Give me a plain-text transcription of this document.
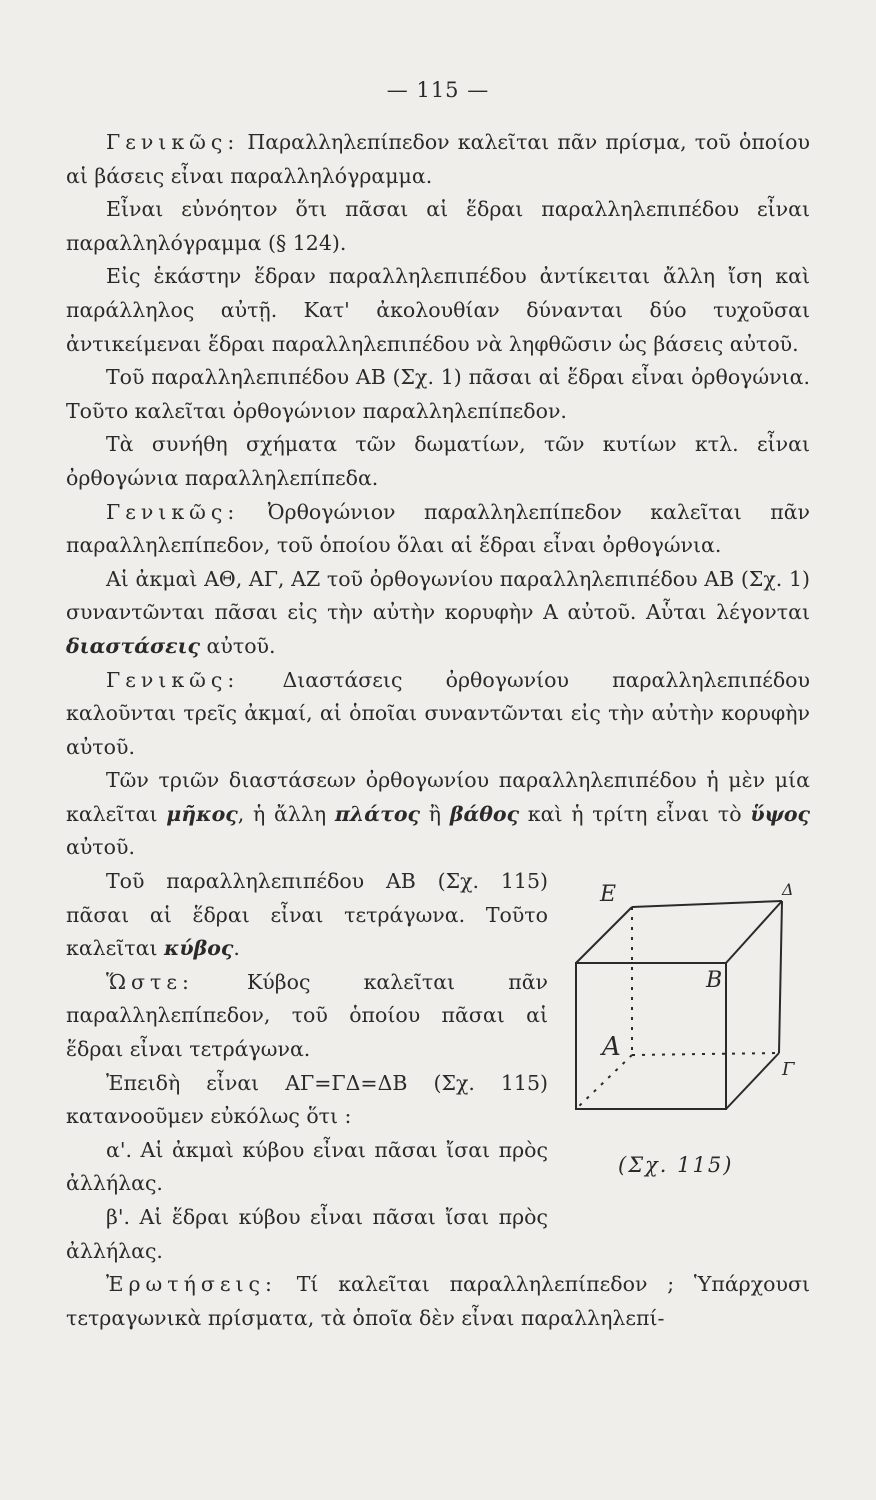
— 115 —

Γενικῶς: Παραλληλεπίπεδον καλεῖται πᾶν πρίσμα, τοῦ ὁποίου αἱ βάσεις εἶναι παραλληλόγραμμα.

Εἶναι εὐνόητον ὅτι πᾶσαι αἱ ἕδραι παραλληλεπιπέδου εἶναι παραλληλόγραμμα (§ 124).

Εἰς ἑκάστην ἕδραν παραλληλεπιπέδου ἀντίκειται ἄλλη ἴση καὶ παράλληλος αὐτῇ. Κατ' ἀκολουθίαν δύνανται δύο τυχοῦσαι ἀντικείμεναι ἕδραι παραλληλεπιπέδου νὰ ληφθῶσιν ὡς βάσεις αὐτοῦ.

Τοῦ παραλληλεπιπέδου ΑΒ (Σχ. 1) πᾶσαι αἱ ἕδραι εἶναι ὀρθογώνια. Τοῦτο καλεῖται ὀρθογώνιον παραλληλεπίπεδον.

Τὰ συνήθη σχήματα τῶν δωματίων, τῶν κυτίων κτλ. εἶναι ὀρθογώνια παραλληλεπίπεδα.

Γενικῶς: Ὀρθογώνιον παραλληλεπίπεδον καλεῖται πᾶν παραλληλεπίπεδον, τοῦ ὁποίου ὅλαι αἱ ἕδραι εἶναι ὀρθογώνια.

Αἱ ἀκμαὶ ΑΘ, ΑΓ, ΑΖ τοῦ ὀρθογωνίου παραλληλεπιπέδου ΑΒ (Σχ. 1) συναντῶνται πᾶσαι εἰς τὴν αὐτὴν κορυφὴν Α αὐτοῦ. Αὗται λέγονται διαστάσεις αὐτοῦ.

Γενικῶς: Διαστάσεις ὀρθογωνίου παραλληλεπιπέδου καλοῦνται τρεῖς ἀκμαί, αἱ ὁποῖαι συναντῶνται εἰς τὴν αὐτὴν κορυφὴν αὐτοῦ.

Τῶν τριῶν διαστάσεων ὀρθογωνίου παραλληλεπιπέδου ἡ μὲν μία καλεῖται μῆκος, ἡ ἄλλη πλάτος ἢ βάθος καὶ ἡ τρίτη εἶναι τὸ ὕψος αὐτοῦ.

Ε	Δ
Β
Α
Γ
(Σχ. 115)

Τοῦ παραλληλεπιπέδου ΑΒ (Σχ. 115) πᾶσαι αἱ ἕδραι εἶναι τετράγωνα. Τοῦτο καλεῖται κύβος.

Ὥστε: Κύβος καλεῖται πᾶν παραλληλεπίπεδον, τοῦ ὁποίου πᾶσαι αἱ ἕδραι εἶναι τετράγωνα.

Ἐπειδὴ εἶναι ΑΓ=ΓΔ=ΔΒ (Σχ. 115) κατανοοῦμεν εὐκόλως ὅτι :

α'. Αἱ ἀκμαὶ κύβου εἶναι πᾶσαι ἴσαι πρὸς ἀλλήλας.

β'. Αἱ ἕδραι κύβου εἶναι πᾶσαι ἴσαι πρὸς ἀλλήλας.

Ἐρωτήσεις: Τί καλεῖται παραλληλεπίπεδον ; Ὑπάρχουσι τετραγωνικὰ πρίσματα, τὰ ὁποῖα δὲν εἶναι παραλληλεπί-
